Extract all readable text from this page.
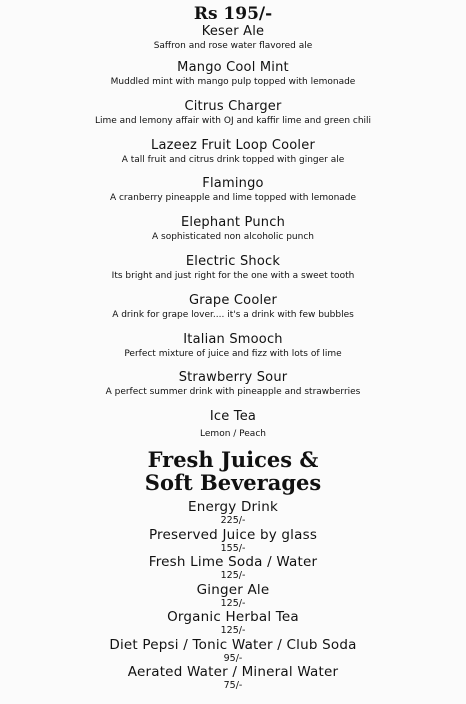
Rs 195/-
Keser Ale
Saffron and rose water flavored ale
Mango Cool Mint
Muddled mint with mango pulp topped with lemonade
Citrus Charger
Lime and lemony affair with OJ and kaffir lime and green chili
Lazeez Fruit Loop Cooler
A tall fruit and citrus drink topped with ginger ale
Flamingo
A cranberry pineapple and lime topped with lemonade
Elephant Punch
A sophisticated non alcoholic punch
Electric Shock
Its bright and just right for the one with a sweet tooth
Grape Cooler
A drink for grape lover.... it's a drink with few bubbles
Italian Smooch
Perfect mixture of juice and fizz with lots of lime
Strawberry Sour
A perfect summer drink with pineapple and strawberries
Ice Tea
Lemon / Peach
Fresh Juices &
Soft Beverages
Energy Drink
225/-
Preserved Juice by glass
155/-
Fresh Lime Soda / Water
125/-
Ginger Ale
125/-
Organic Herbal Tea
125/-
Diet Pepsi / Tonic Water / Club Soda
95/-
Aerated Water / Mineral Water
75/-
